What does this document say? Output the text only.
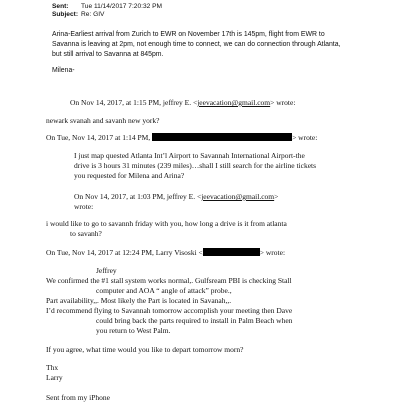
Sent: Tue 11/14/2017 7:20:32 PM
Subject: Re: GIV
Arina-Earliest arrival from Zurich to EWR on November 17th is 145pm, flight from EWR to
Savanna is leaving at 2pm, not enough time to connect, we can do connection through Atlanta,
but still arrival to Savanna at 845pm.
Milena-
On Nov 14, 2017, at 1:15 PM, jeffrey E. <jeevacation@gmail.com> wrote:
newark svanah and savanh new york?
On Tue, Nov 14, 2017 at 1:14 PM,	> wrote:
I just map quested Atlanta Int’l Airport to Savannah International Airport-the
drive is 3 hours 31 minutes (239 miles)…shall I still search for the airline tickets
you requested for Milena and Arina?
On Nov 14, 2017, at 1:03 PM, jeffrey E. <jeevacation@gmail.com>
wrote:
i would like to go to savannh friday with you, how long a drive is it from atlanta
to savanh?
On Tue, Nov 14, 2017 at 12:24 PM, Larry Visoski <	> wrote:
Jeffrey
We confirmed the #1 stall system works normal,. Gulfsream PBI is checking Stall
computer and AOA “ angle of attack” probe.,
Part availability,,. Most likely the Part is located in Savanah,,.
I’d recommend flying to Savannah tomorrow accomplish your meeting then Dave
could bring back the parts required to install in Palm Beach when
you return to West Palm.
If you agree, what time would you like to depart tomorrow morn?
Thx
Larry
Sent from my iPhone
